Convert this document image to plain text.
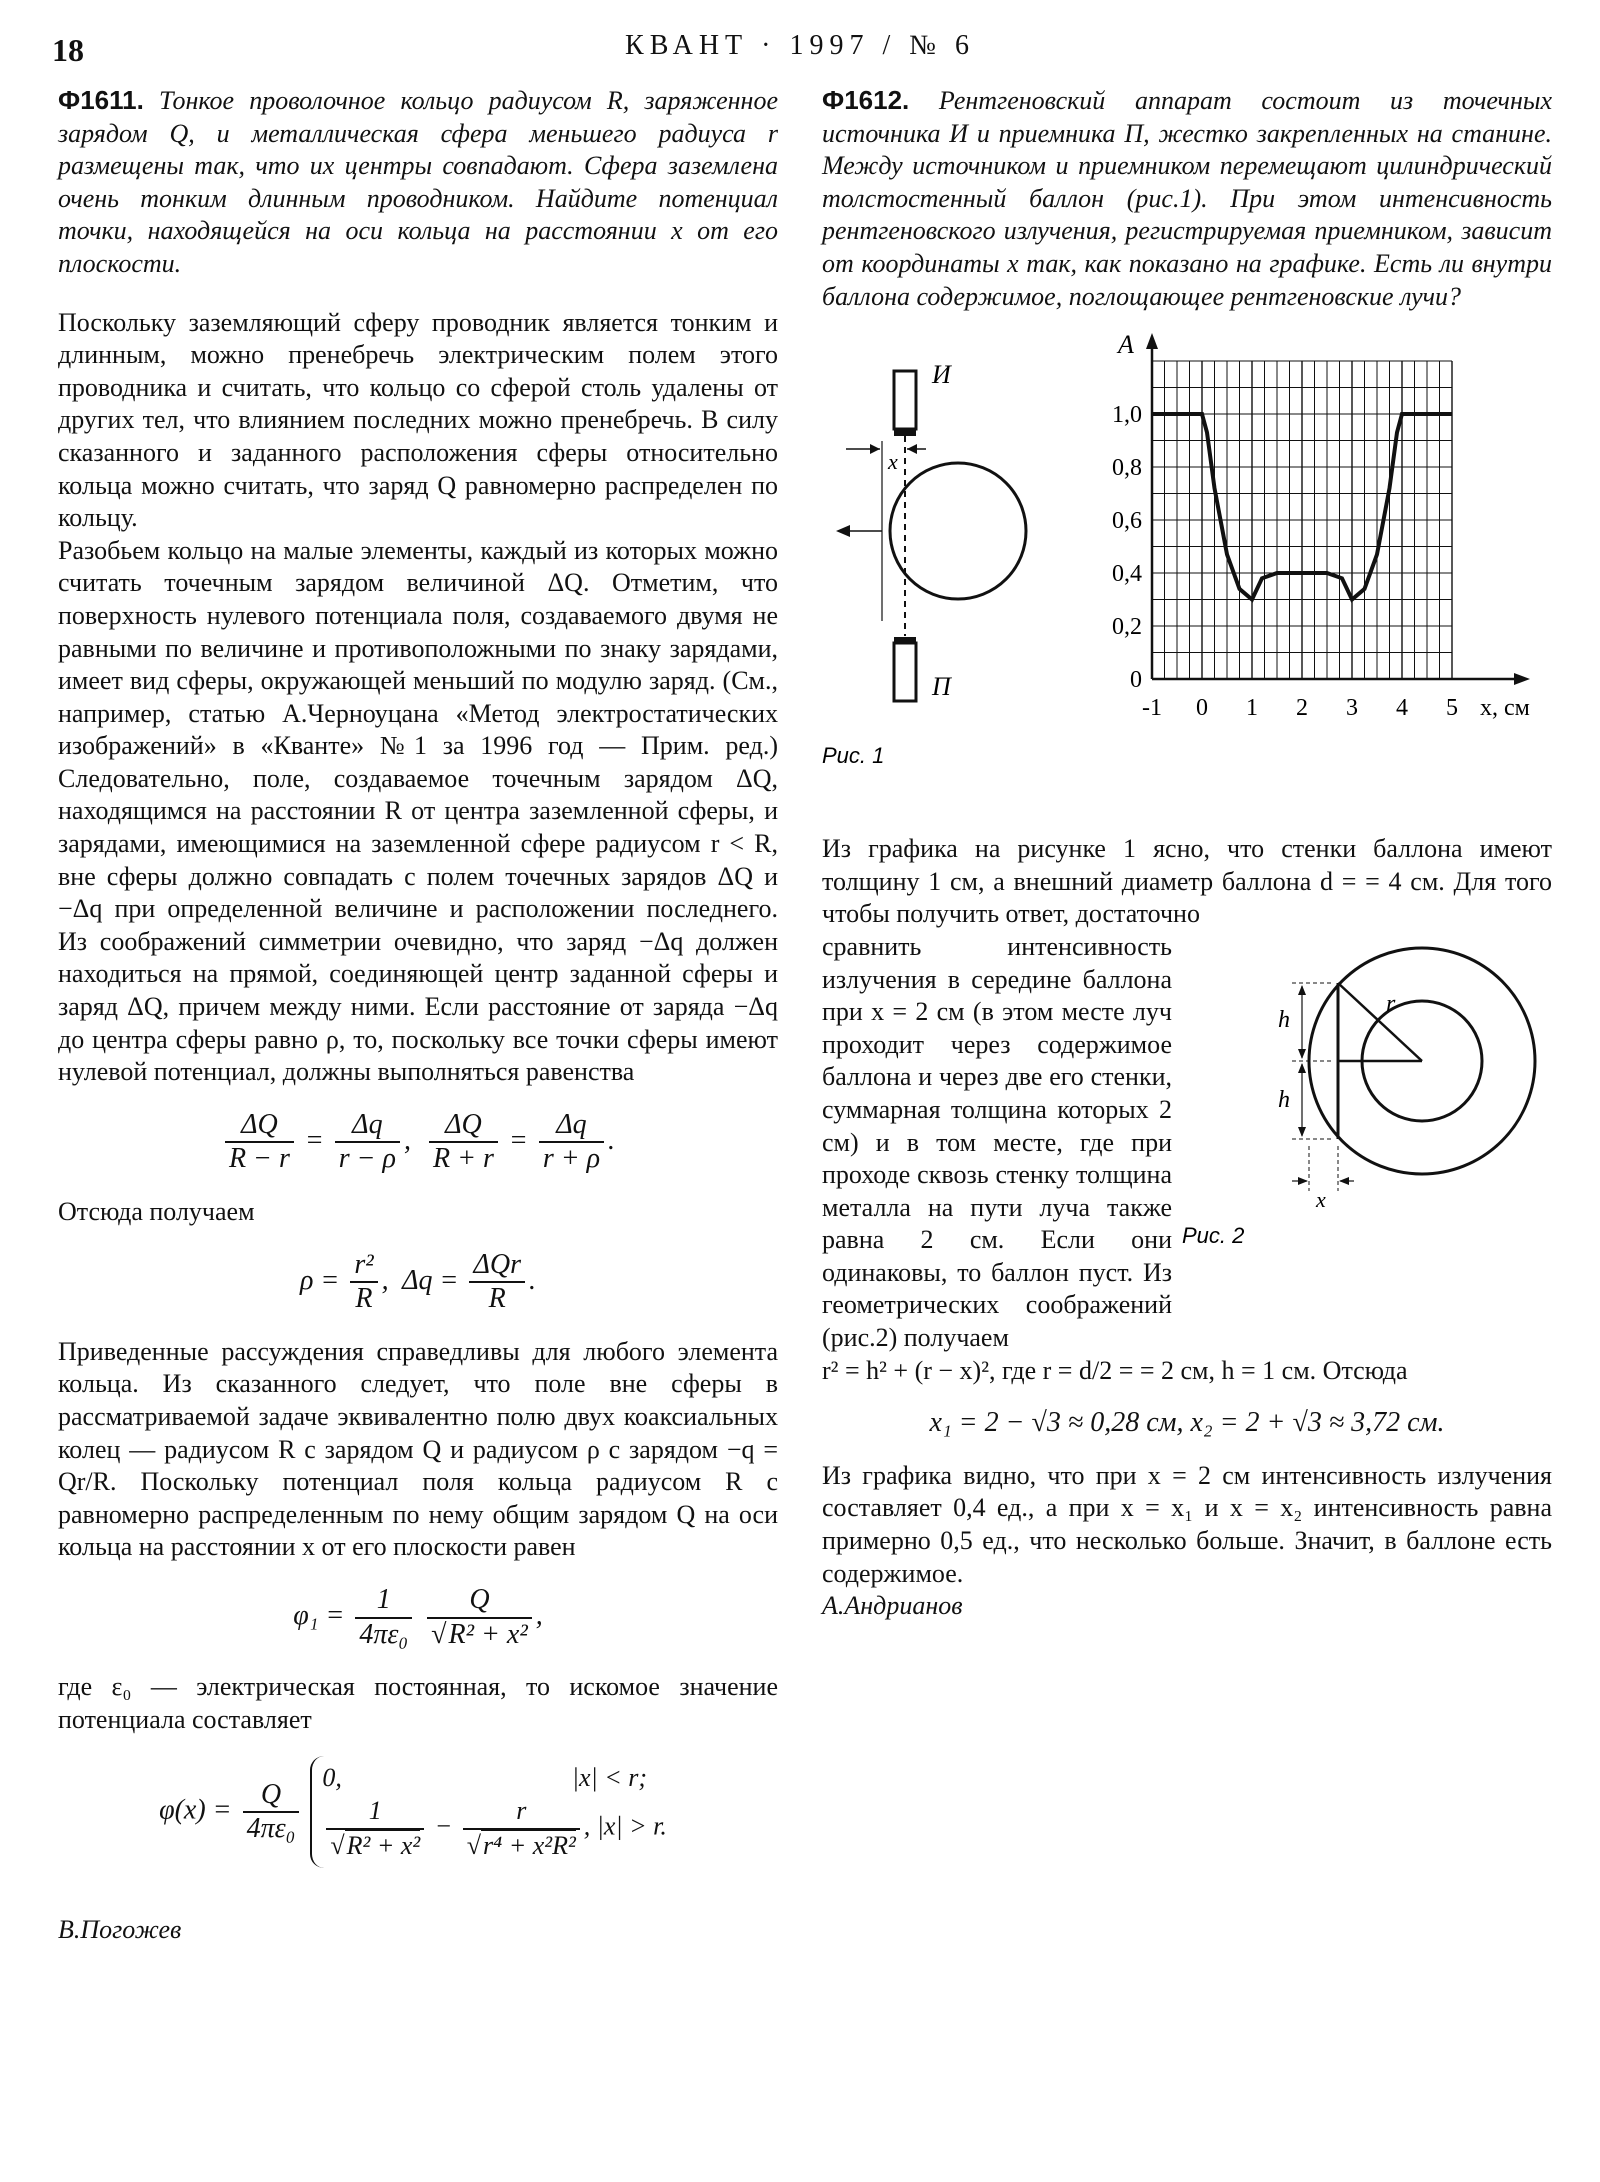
18	КВАНТ · 1997 / № 6

Ф1611. Тонкое проволочное кольцо радиусом R, заряженное зарядом Q, и металлическая сфера меньшего радиуса r размещены так, что их центры совпадают. Сфера заземлена очень тонким длинным проводником. Найдите потенциал точки, находящейся на оси кольца на расстоянии x от его плоскости.

Поскольку заземляющий сферу проводник является тонким и длинным, можно пренебречь электрическим полем этого проводника и считать, что кольцо со сферой столь удалены от других тел, что влиянием последних можно пренебречь. В силу сказанного и заданного расположения сферы относительно кольца можно считать, что заряд Q равномерно распределен по кольцу.

Разобьем кольцо на малые элементы, каждый из которых можно считать точечным зарядом величиной ΔQ. Отметим, что поверхность нулевого потенциала поля, создаваемого двумя не равными по величине и противоположными по знаку зарядами, имеет вид сферы, окружающей меньший по модулю заряд. (См., например, статью А.Черноуцана «Метод электростатических изображений» в «Кванте» №1 за 1996 год — Прим. ред.) Следовательно, поле, создаваемое точечным зарядом ΔQ, находящимся на расстоянии R от центра заземленной сферы, и зарядами, имеющимися на заземленной сфере радиусом r < R, вне сферы должно совпадать с полем точечных зарядов ΔQ и −Δq при определенной величине и расположении последнего. Из соображений симметрии очевидно, что заряд −Δq должен находиться на прямой, соединяющей центр заданной сферы и заряд ΔQ, причем между ними. Если расстояние от заряда −Δq до центра сферы равно ρ, то, поскольку все точки сферы имеют нулевой потенциал, должны выполняться равенства

$\frac{\Delta Q}{R - r} = \frac{\Delta q}{r - \rho}$ , $\frac{\Delta Q}{R + r} = \frac{\Delta q}{r + \rho}$ .

Отсюда получаем

$\rho = \frac{\text{r²}}{R}$ ,  $\Delta q = \frac{\text{ΔQr}}{R}$ .

Приведенные рассуждения справедливы для любого элемента кольца. Из сказанного следует, что поле вне сферы в рассматриваемой задаче эквивалентно полю двух коаксиальных колец — радиусом R с зарядом Q и радиусом ρ с зарядом −q = Qr/R. Поскольку потенциал поля кольца радиусом R с равномерно распределенным по нему общим зарядом Q на оси кольца на расстоянии x от его плоскости равен

$\varphi_1 = \frac{1}{\text{4πε₀}}$
$\frac{Q}{\text{√R² + x²}}$ ,

где ε₀ — электрическая постоянная, то искомое значение потенциала составляет

$\varphi(x) = \frac{Q}{\text{4πε₀}}$

0,	|x| < r;
$\frac{1}{\text{√R² + x²}} - \frac{r}{\text{√r⁴ + x²R²}}$ , |x| > r.

В.Погожев

Ф1612. Рентгеновский аппарат состоит из точечных источника И и приемника П, жестко закрепленных на станине. Между источником и приемником перемещают цилиндрический толстостенный баллон (рис.1). При этом интенсивность рентгеновского излучения, регистрируемая приемником, зависит от координаты x так, как показано на графике. Есть ли внутри баллона содержимое, поглощающее рентгеновские лучи?

И
x
П
Рис. 1
A
x, см
-1 0 1 2 3 4 5
0
0,2
0,4
0,6
0,8
1,0

Из графика на рисунке 1 ясно, что стенки баллона имеют толщину 1 см, а внешний диаметр баллона d = = 4 см. Для того чтобы получить ответ, достаточно

h
h
r
x
Рис. 2

сравнить интенсивность излучения в середине баллона при x = 2 см (в этом месте луч проходит через содержимое баллона и через две его стенки, суммарная толщина которых 2 см) и в том месте, где при проходе сквозь стенку толщина металла на пути луча также равна 2 см. Если они одинаковы, то баллон пуст. Из геометрических соображений (рис.2) получаем

r² = h² + (r − x)², где r = d/2 = = 2 см, h = 1 см. Отсюда

x₁ = 2 − √3 ≈ 0,28 см, x₂ = 2 + √3 ≈ 3,72 см.

Из графика видно, что при x = 2 см интенсивность излучения составляет 0,4 ед., а при x = x₁ и x = x₂ интенсивность равна примерно 0,5 ед., что несколько больше. Значит, в баллоне есть содержимое.

А.Андрианов
